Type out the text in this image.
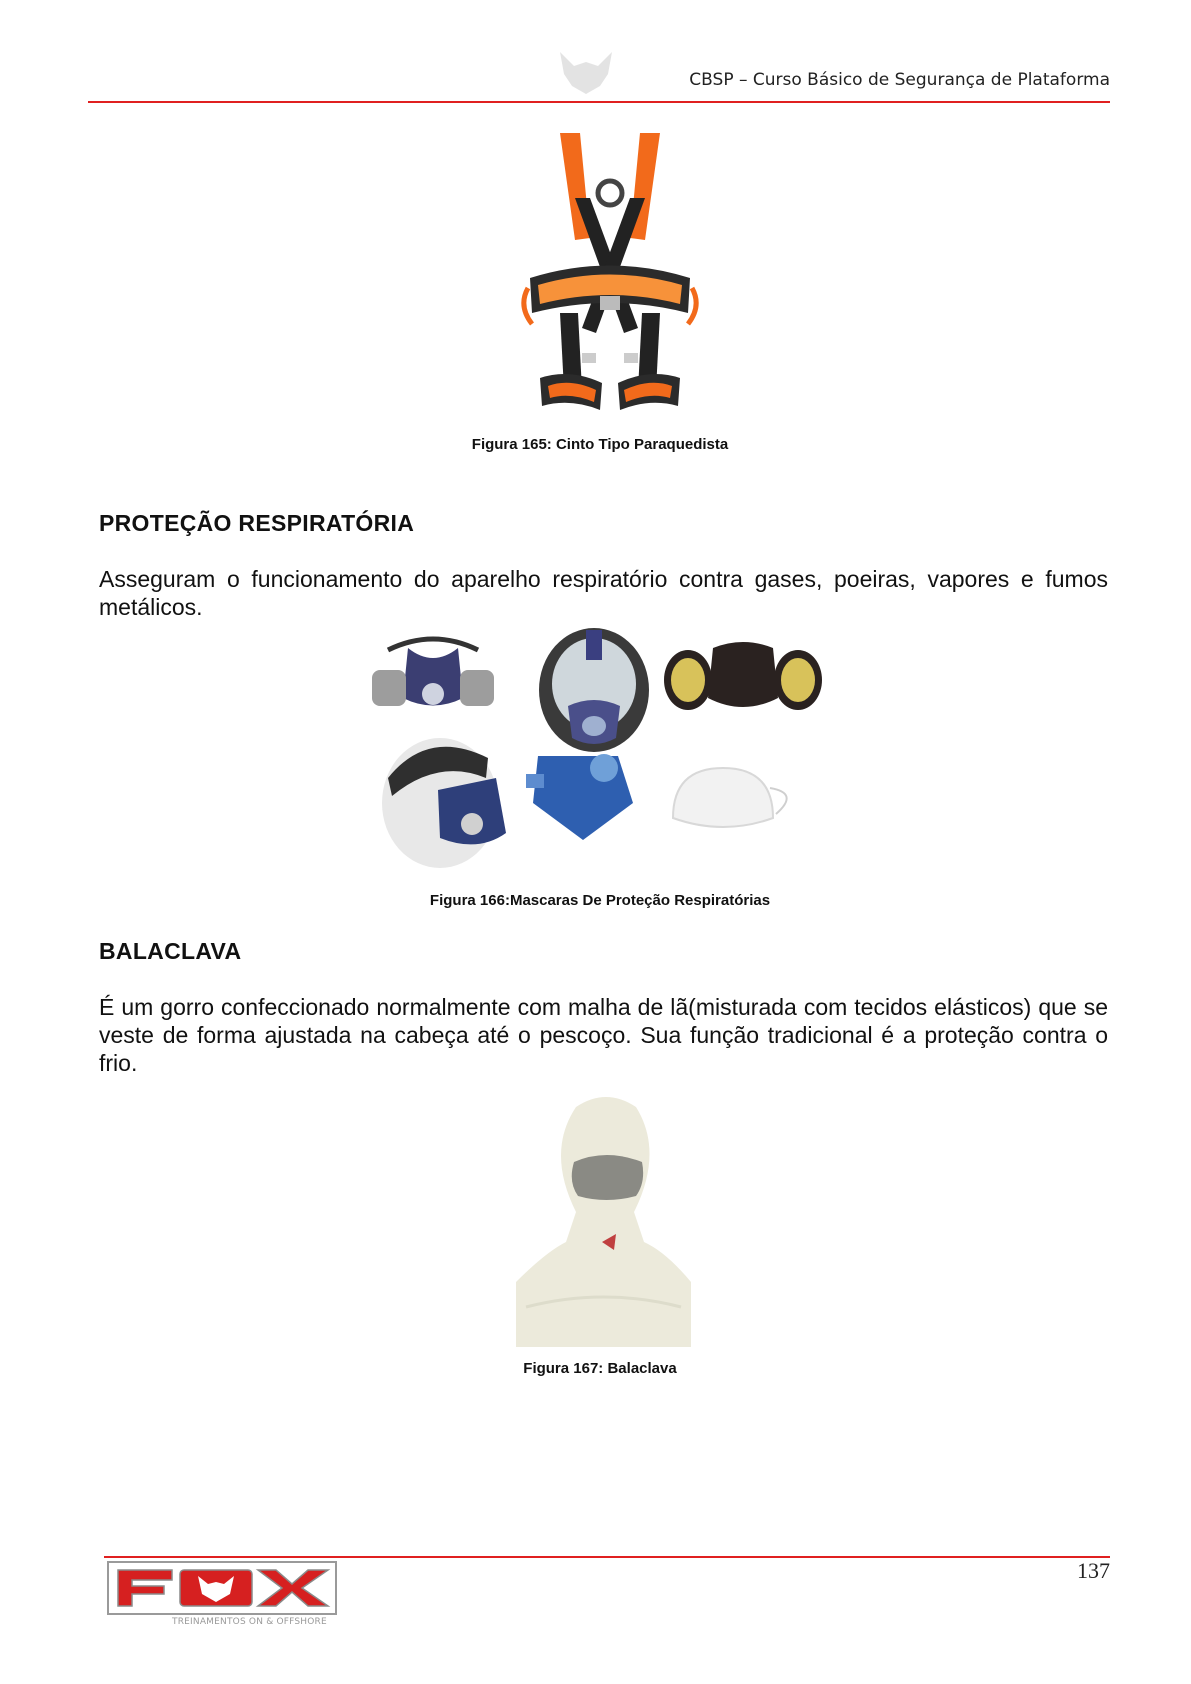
CBSP – Curso Básico de Segurança de Plataforma
Figura 165: Cinto Tipo Paraquedista
PROTEÇÃO RESPIRATÓRIA
Asseguram o funcionamento do aparelho respiratório contra gases, poeiras, vapores e fumos metálicos.
Figura 166:Mascaras De Proteção Respiratórias
BALACLAVA
É um gorro confeccionado normalmente com malha de lã(misturada com tecidos elásticos) que se veste de forma ajustada na cabeça até o pescoço. Sua função tradicional é a proteção contra o frio.
Figura 167: Balaclava
137
TREINAMENTOS ON & OFFSHORE
